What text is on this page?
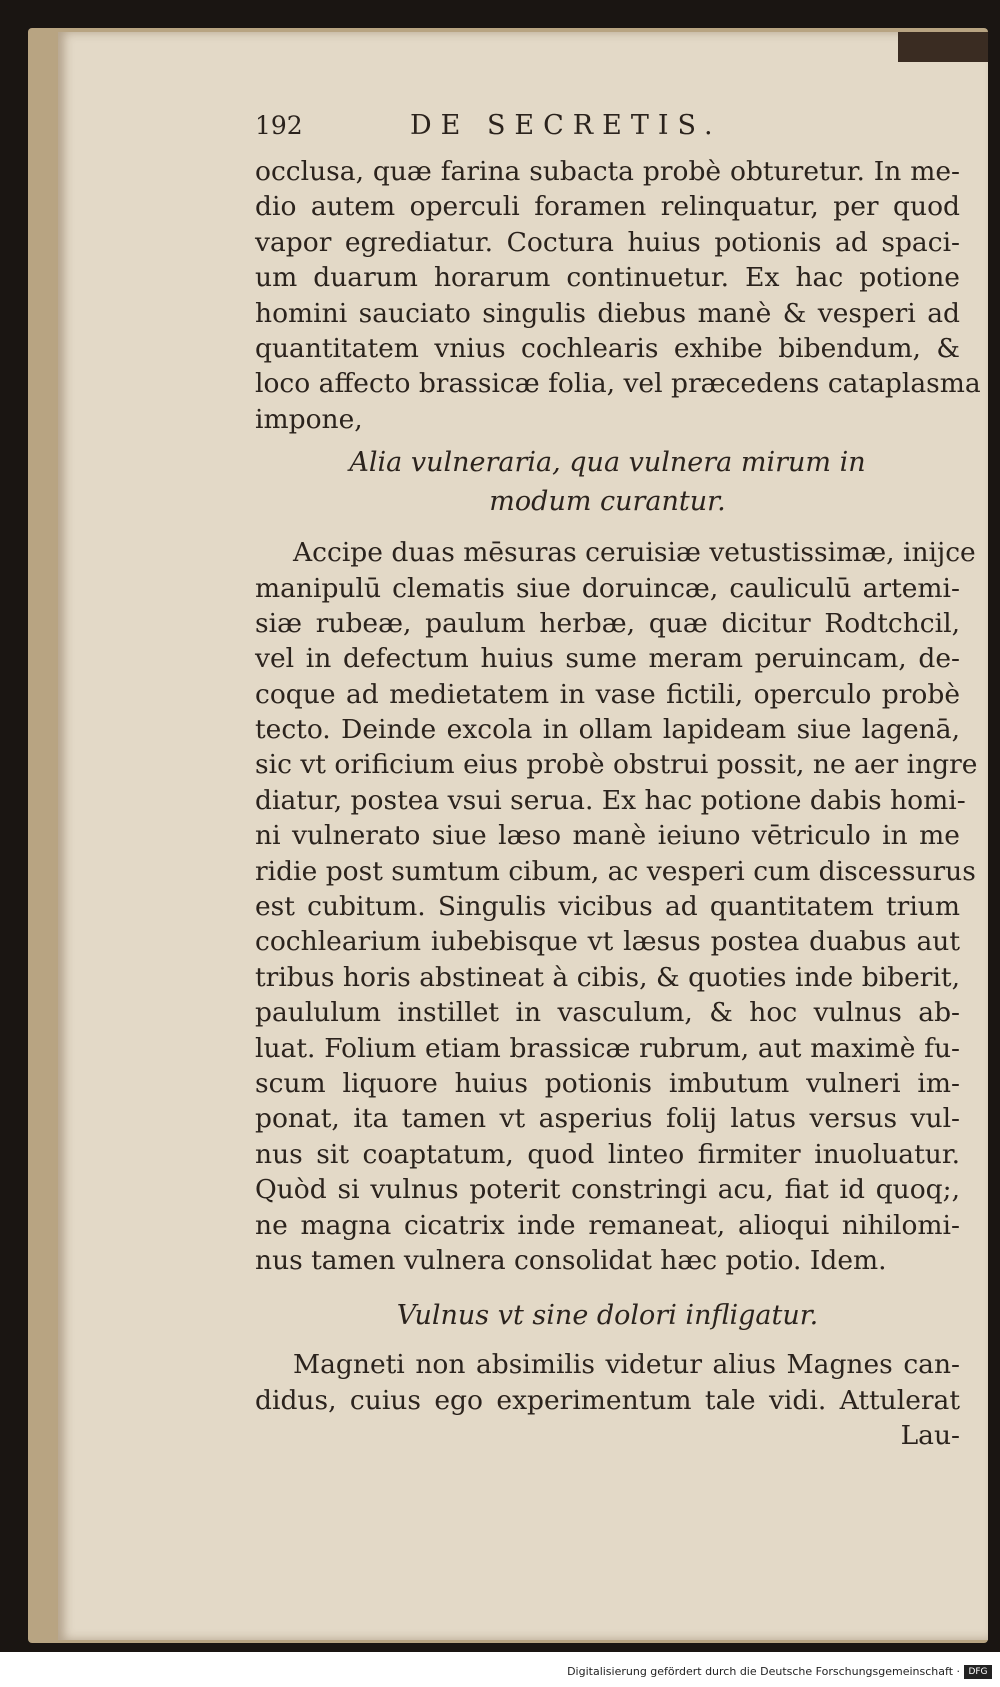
192	DE SECRETIS.
occlusa, quæ farina subacta probè obturetur. In me-
dio autem operculi foramen relinquatur, per quod
vapor egrediatur. Coctura huius potionis ad spaci-
um duarum horarum continuetur. Ex hac potione
homini sauciato singulis diebus manè & vesperi ad
quantitatem vnius cochlearis exhibe bibendum, &
loco affecto brassicæ folia, vel præcedens cataplasma
impone,
Alia vulneraria, qua vulnera mirum in
modum curantur.
Accipe duas mēsuras ceruisiæ vetustissimæ, inijce
manipulū clematis siue doruincæ, cauliculū artemi-
siæ rubeæ, paulum herbæ, quæ dicitur Rodtchcil,
vel in defectum huius sume meram peruincam, de-
coque ad medietatem in vase fictili, operculo probè
tecto. Deinde excola in ollam lapideam siue lagenā,
sic vt orificium eius probè obstrui possit, ne aer ingre
diatur, postea vsui serua. Ex hac potione dabis homi-
ni vulnerato siue læso manè ieiuno vētriculo in me
ridie post sumtum cibum, ac vesperi cum discessurus
est cubitum. Singulis vicibus ad quantitatem trium
cochlearium iubebisque vt læsus postea duabus aut
tribus horis abstineat à cibis, & quoties inde biberit,
paululum instillet in vasculum, & hoc vulnus ab-
luat. Folium etiam brassicæ rubrum, aut maximè fu-
scum liquore huius potionis imbutum vulneri im-
ponat, ita tamen vt asperius folij latus versus vul-
nus sit coaptatum, quod linteo firmiter inuoluatur.
Quòd si vulnus poterit constringi acu, fiat id quoq;,
ne magna cicatrix inde remaneat, alioqui nihilomi-
nus tamen vulnera consolidat hæc potio. Idem.
Vulnus vt sine dolori infligatur.
Magneti non absimilis videtur alius Magnes can-
didus, cuius ego experimentum tale vidi. Attulerat
Lau-
Digitalisierung gefördert durch die Deutsche Forschungsgemeinschaft · DFG
